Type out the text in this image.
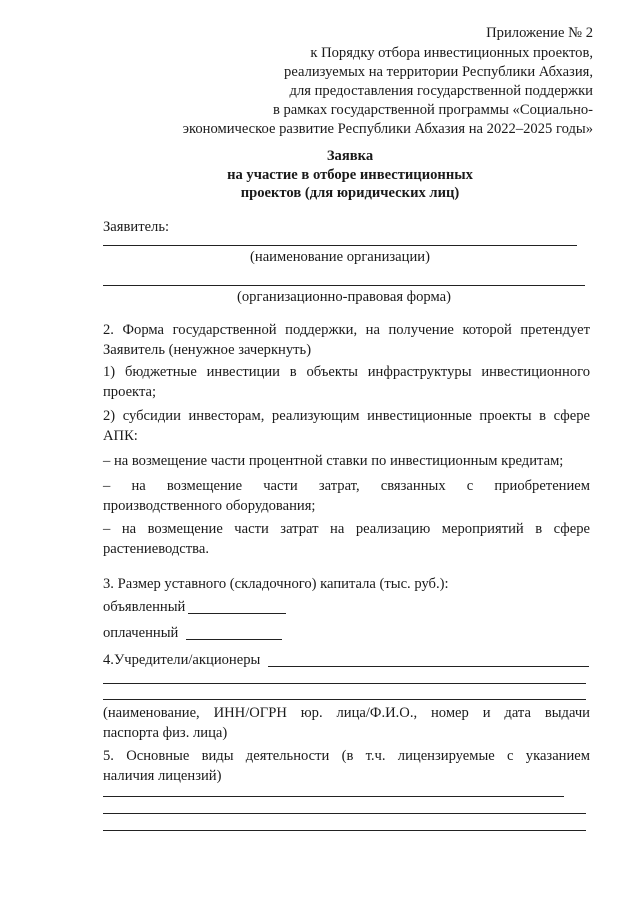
Приложение № 2
к Порядку отбора инвестиционных проектов,
реализуемых на территории Республики Абхазия,
для предоставления государственной поддержки
в рамках государственной программы «Социально-
экономическое развитие Республики Абхазия на 2022–2025 годы»
Заявка
на участие в отборе инвестиционных
проектов (для юридических лиц)
Заявитель:
(наименование организации)
(организационно-правовая форма)
2. Форма государственной поддержки, на получение которой претендует
Заявитель (ненужное зачеркнуть)
1) бюджетные инвестиции в объекты инфраструктуры инвестиционного
проекта;
2) субсидии инвесторам, реализующим инвестиционные проекты в сфере
АПК:
– на возмещение части процентной ставки по инвестиционным кредитам;
– на возмещение части затрат, связанных с приобретением
производственного оборудования;
– на возмещение части затрат на реализацию мероприятий в сфере
растениеводства.
3. Размер уставного (складочного) капитала (тыс. руб.):
объявленный
оплаченный
4.Учредители/акционеры
(наименование, ИНН/ОГРН юр. лица/Ф.И.О., номер и дата выдачи
паспорта физ. лица)
5. Основные виды деятельности (в т.ч. лицензируемые с указанием
наличия лицензий)
